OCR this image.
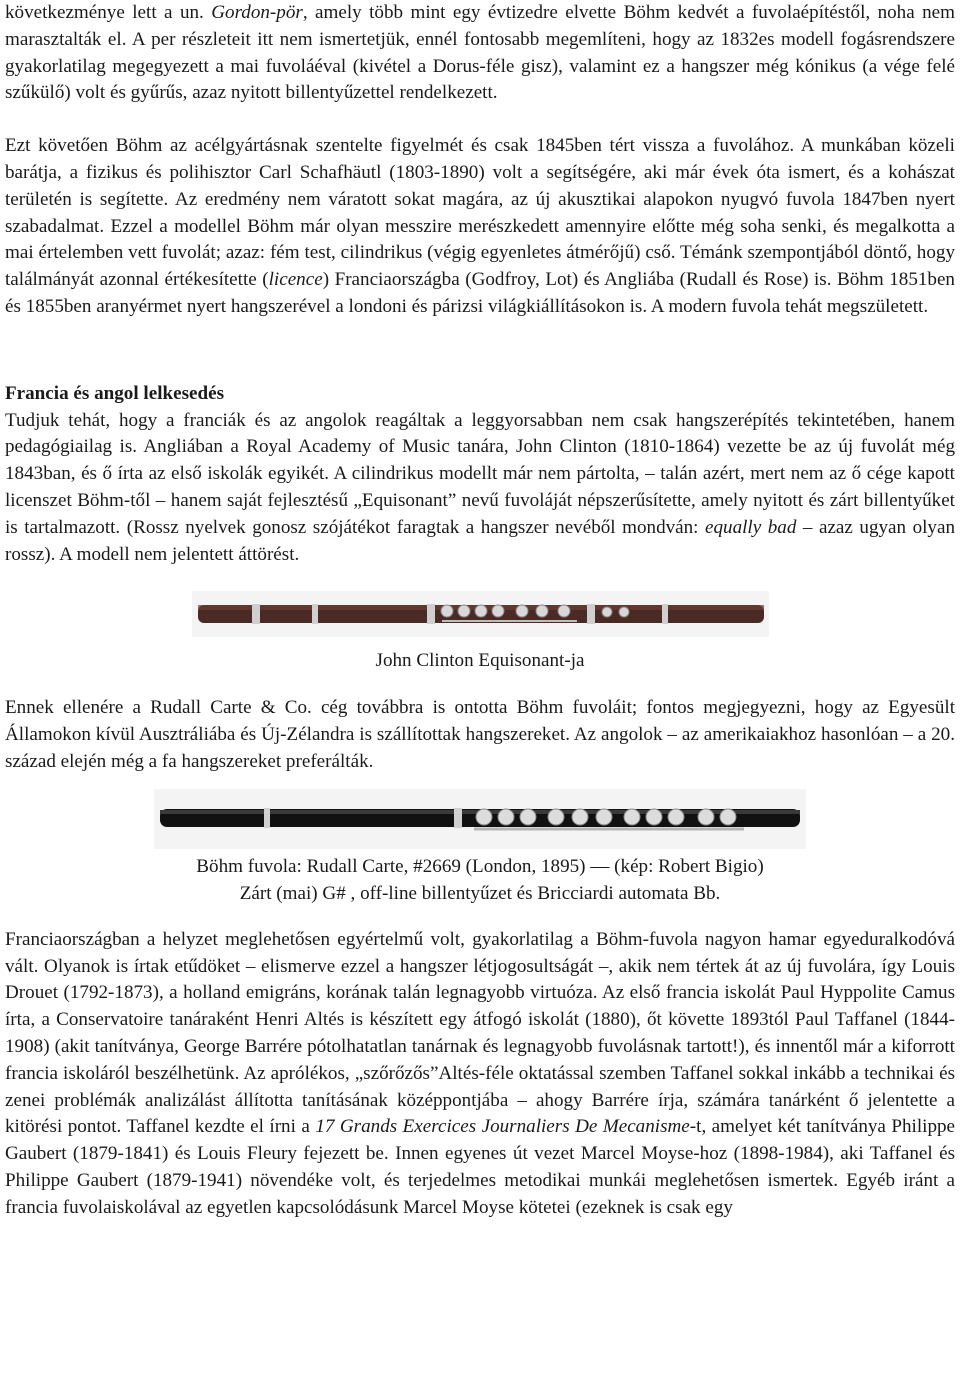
következménye lett a un. Gordon-pör, amely több mint egy évtizedre elvette Böhm kedvét a fuvolaépítéstől, noha nem marasztalták el. A per részleteit itt nem ismertetjük, ennél fontosabb megemlíteni, hogy az 1832es modell fogásrendszere gyakorlatilag megegyezett a mai fuvoláéval (kivétel a Dorus-féle gisz), valamint ez a hangszer még kónikus (a vége felé szűkülő) volt és gyűrűs, azaz nyitott billentyűzettel rendelkezett.

Ezt követően Böhm az acélgyártásnak szentelte figyelmét és csak 1845ben tért vissza a fuvolához. A munkában közeli barátja, a fizikus és polihisztor Carl Schafhäutl (1803-1890) volt a segítségére, aki már évek óta ismert, és a kohászat területén is segítette. Az eredmény nem váratott sokat magára, az új akusztikai alapokon nyugvó fuvola 1847ben nyert szabadalmat. Ezzel a modellel Böhm már olyan messzire merészkedett amennyire előtte még soha senki, és megalkotta a mai értelemben vett fuvolát; azaz: fém test, cilindrikus (végig egyenletes átmérőjű) cső. Témánk szempontjából döntő, hogy találmányát azonnal értékesítette (licence) Franciaországba (Godfroy, Lot) és Angliába (Rudall és Rose) is. Böhm 1851ben és 1855ben aranyérmet nyert hangszerével a londoni és párizsi világkiállításokon is. A modern fuvola tehát megszületett.

Francia és angol lelkesedés
Tudjuk tehát, hogy a franciák és az angolok reagáltak a leggyorsabban nem csak hangszerépítés tekintetében, hanem pedagógiailag is. Angliában a Royal Academy of Music tanára, John Clinton (1810-1864) vezette be az új fuvolát még 1843ban, és ő írta az első iskolák egyikét. A cilindrikus modellt már nem pártolta, – talán azért, mert nem az ő cége kapott licenszet Böhm-től – hanem saját fejlesztésű „Equisonant” nevű fuvoláját népszerűsítette, amely nyitott és zárt billentyűket is tartalmazott. (Rossz nyelvek gonosz szójátékot faragtak a hangszer nevéből mondván: equally bad – azaz ugyan olyan rossz). A modell nem jelentett áttörést.

John Clinton Equisonant-ja

Ennek ellenére a Rudall Carte & Co. cég továbbra is ontotta Böhm fuvoláit; fontos megjegyezni, hogy az Egyesült Államokon kívül Ausztráliába és Új-Zélandra is szállítottak hangszereket. Az angolok – az amerikaiakhoz hasonlóan – a 20. század elején még a fa hangszereket preferálták.

Böhm fuvola: Rudall Carte, #2669 (London, 1895) — (kép: Robert Bigio)

Zárt (mai) G# , off-line billentyűzet és Bricciardi automata Bb.

Franciaországban a helyzet meglehetősen egyértelmű volt, gyakorlatilag a Böhm-fuvola nagyon hamar egyeduralkodóvá vált. Olyanok is írtak etűdöket – elismerve ezzel a hangszer létjogosultságát –, akik nem tértek át az új fuvolára, így Louis Drouet (1792-1873), a holland emigráns, korának talán legnagyobb virtuóza. Az első francia iskolát Paul Hyppolite Camus írta, a Conservatoire tanáraként Henri Altés is készített egy átfogó iskolát (1880), őt követte 1893tól Paul Taffanel (1844-1908) (akit tanítványa, George Barrére pótolhatatlan tanárnak és legnagyobb fuvolásnak tartott!), és innentől már a kiforrott francia iskoláról beszélhetünk. Az aprólékos, „szőrőzős”Altés-féle oktatással szemben Taffanel sokkal inkább a technikai és zenei problémák analizálást állította tanításának középpontjába – ahogy Barrére írja, számára tanárként ő jelentette a kitörési pontot. Taffanel kezdte el írni a 17 Grands Exercices Journaliers De Mecanisme-t, amelyet két tanítványa Philippe Gaubert (1879-1841) és Louis Fleury fejezett be. Innen egyenes út vezet Marcel Moyse-hoz (1898-1984), aki Taffanel és Philippe Gaubert (1879-1941) növendéke volt, és terjedelmes metodikai munkái meglehetősen ismertek. Egyéb iránt a francia fuvolaiskolával az egyetlen kapcsolódásunk Marcel Moyse kötetei (ezeknek is csak egy
